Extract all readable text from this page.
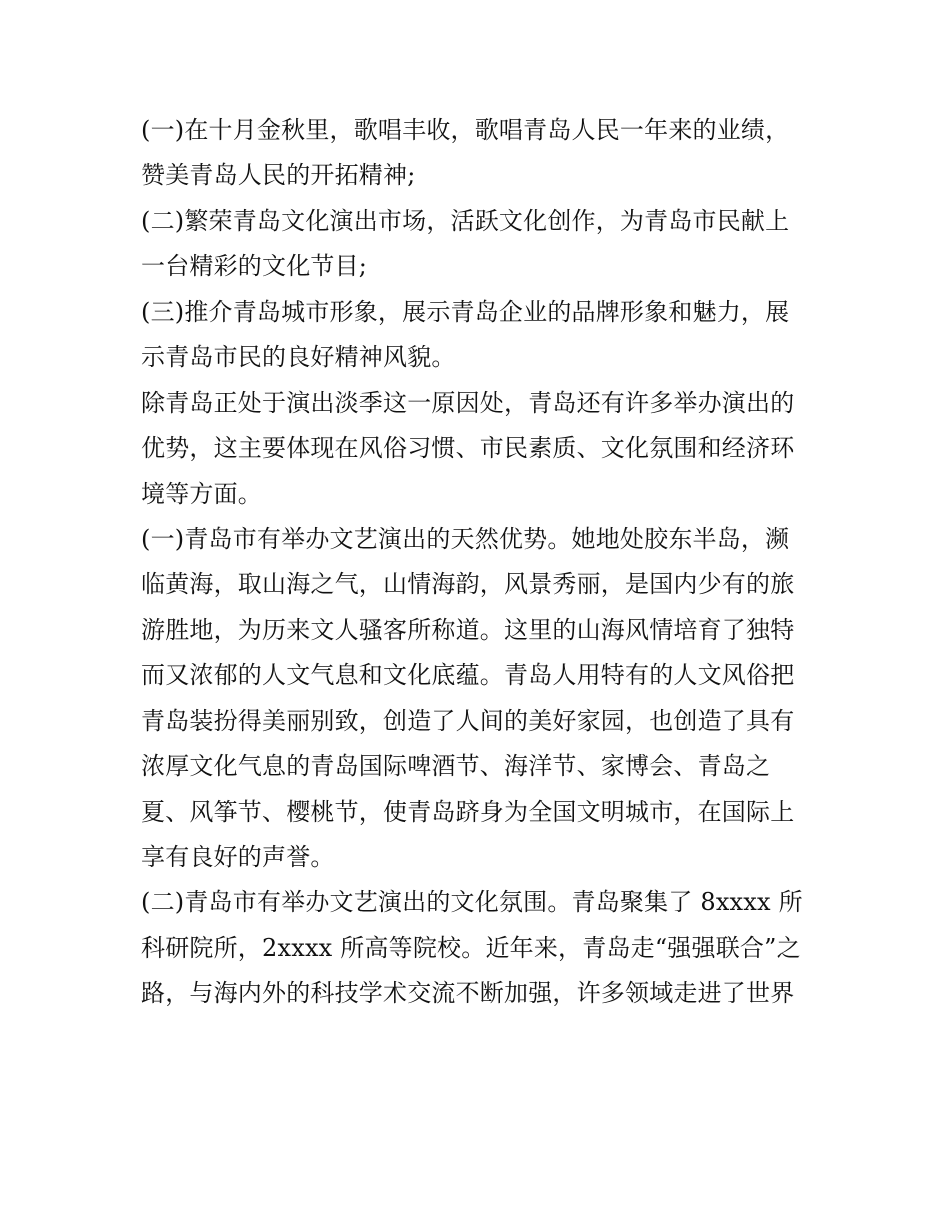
(一)在十月金秋里，歌唱丰收，歌唱青岛人民一年来的业绩，
赞美青岛人民的开拓精神;
(二)繁荣青岛文化演出市场，活跃文化创作，为青岛市民献上
一台精彩的文化节目;
(三)推介青岛城市形象，展示青岛企业的品牌形象和魅力，展
示青岛市民的良好精神风貌。
除青岛正处于演出淡季这一原因处，青岛还有许多举办演出的
优势，这主要体现在风俗习惯、市民素质、文化氛围和经济环
境等方面。
(一)青岛市有举办文艺演出的天然优势。她地处胶东半岛，濒
临黄海，取山海之气，山情海韵，风景秀丽，是国内少有的旅
游胜地，为历来文人骚客所称道。这里的山海风情培育了独特
而又浓郁的人文气息和文化底蕴。青岛人用特有的人文风俗把
青岛装扮得美丽别致，创造了人间的美好家园，也创造了具有
浓厚文化气息的青岛国际啤酒节、海洋节、家博会、青岛之
夏、风筝节、樱桃节，使青岛跻身为全国文明城市，在国际上
享有良好的声誉。
(二)青岛市有举办文艺演出的文化氛围。青岛聚集了 8xxxx 所
科研院所，2xxxx 所高等院校。近年来，青岛走“强强联合”之
路，与海内外的科技学术交流不断加强，许多领域走进了世界
